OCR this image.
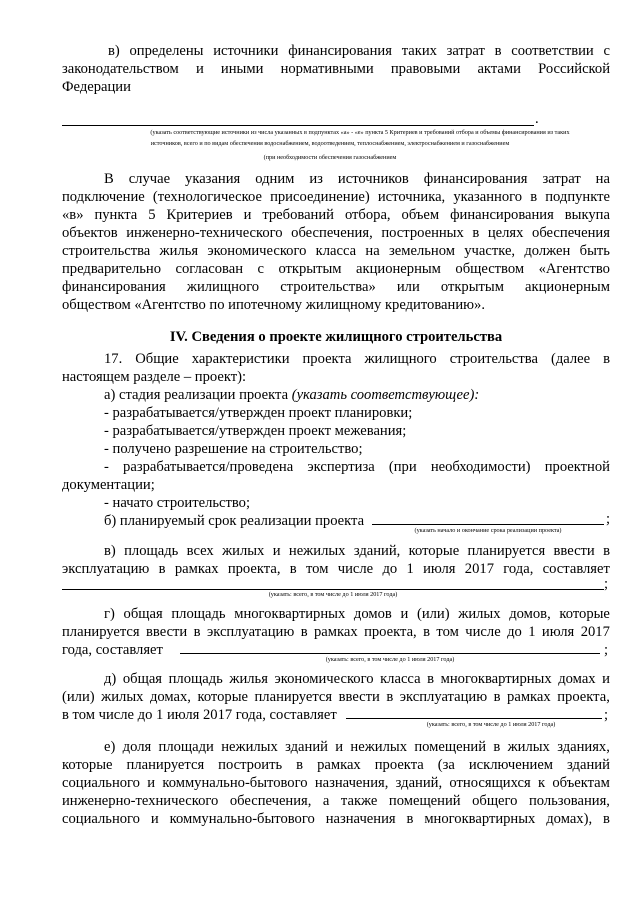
в) определены источники финансирования таких затрат в соответствии с
законодательством и иными нормативными правовыми актами Российской
Федерации
.
(указать соответствующие источники из числа указанных в подпунктах «а» - «е» пункта 5 Критериев и требований отбора и объемы финансирования из таких
источников, всего и по видам обеспечения водоснабжением, водоотведением, теплоснабжением, электроснабжением и газоснабжением
(при необходимости обеспечения газоснабжением
В случае указания одним из источников финансирования затрат на
подключение (технологическое присоединение) источника, указанного в подпункте
«в» пункта 5 Критериев и требований отбора, объем финансирования выкупа
объектов инженерно-технического обеспечения, построенных в целях обеспечения
строительства жилья экономического класса на земельном участке, должен быть
предварительно согласован с открытым акционерным обществом «Агентство
финансирования жилищного строительства» или открытым акционерным
обществом «Агентство по ипотечному жилищному кредитованию».
IV. Сведения о проекте жилищного строительства
17. Общие характеристики проекта жилищного строительства (далее в
настоящем разделе – проект):
а) стадия реализации проекта (указать соответствующее):
- разрабатывается/утвержден проект планировки;
- разрабатывается/утвержден проект межевания;
- получено разрешение на строительство;
- разрабатывается/проведена экспертиза (при необходимости) проектной
документации;
- начато строительство;
б) планируемый срок реализации проекта	;
(указать начало и окончание срока реализации проекта)
в) площадь всех жилых и нежилых зданий, которые планируется ввести в
эксплуатацию в рамках проекта, в том числе до 1 июля 2017 года, составляет
;
(указать: всего, в том числе до 1 июля 2017 года)
г) общая площадь многоквартирных домов и (или) жилых домов, которые
планируется ввести в эксплуатацию в рамках проекта, в том числе до 1 июля 2017
года, составляет	;
(указать: всего, в том числе до 1 июля 2017 года)
д) общая площадь жилья экономического класса в многоквартирных домах и
(или) жилых домах, которые планируется ввести в эксплуатацию в рамках проекта,
в том числе до 1 июля 2017 года, составляет	;
(указать: всего, в том числе до 1 июля 2017 года)
е) доля площади нежилых зданий и нежилых помещений в жилых зданиях,
которые планируется построить в рамках проекта (за исключением зданий
социального и коммунально-бытового назначения, зданий, относящихся к объектам
инженерно-технического обеспечения, а также помещений общего пользования,
социального и коммунально-бытового назначения в многоквартирных домах), в
